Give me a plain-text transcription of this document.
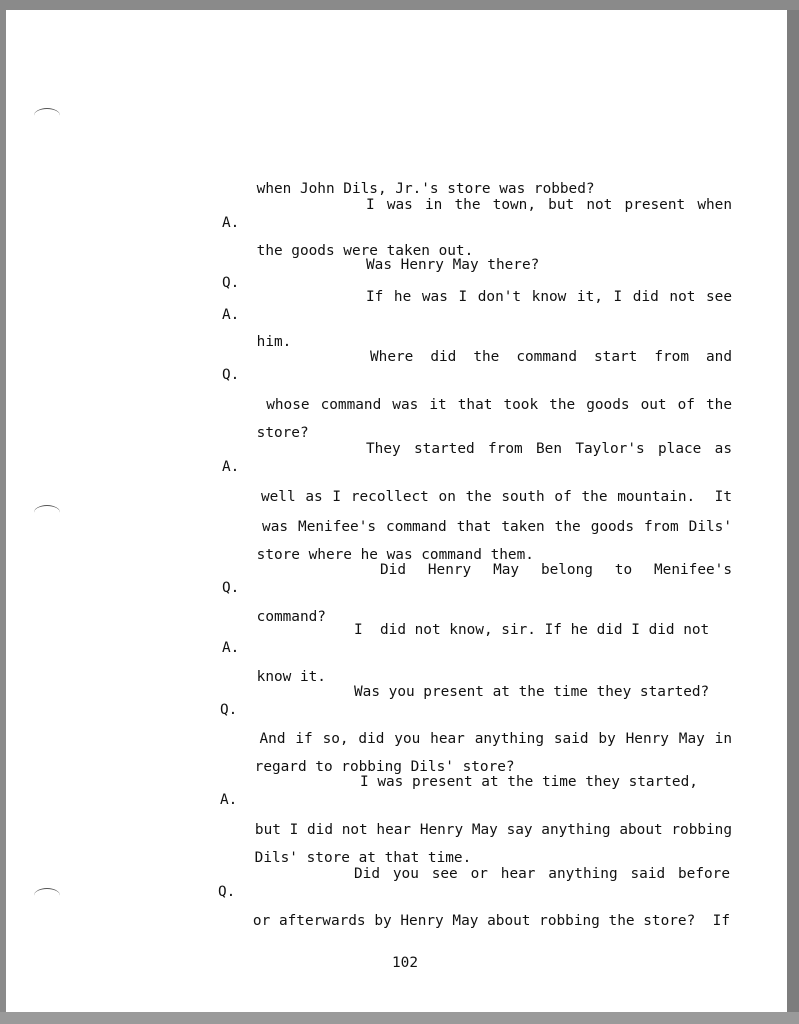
when John Dils, Jr.'s store was robbed?

A.

I was in the town, but not present when

the goods were taken out.

Q.

Was Henry May there?

A.

If he was I don't know it, I did not see

him.

Q.

Where did the command start from and

whose command was it that took the goods out of the

store?

A.

They started from Ben Taylor's place as

well as I recollect on the south of the mountain.  It

was Menifee's command that taken the goods from Dils'

store where he was command them.

Q.

Did Henry May belong to Menifee's

command?

A.

I  did not know, sir. If he did I did not

know it.

Q.

Was you present at the time they started?

And if so, did you hear anything said by Henry May in

regard to robbing Dils' store?

A.

I was present at the time they started,

but I did not hear Henry May say anything about robbing

Dils' store at that time.

Q.

Did you see or hear anything said before

or afterwards by Henry May about robbing the store?  If

102
